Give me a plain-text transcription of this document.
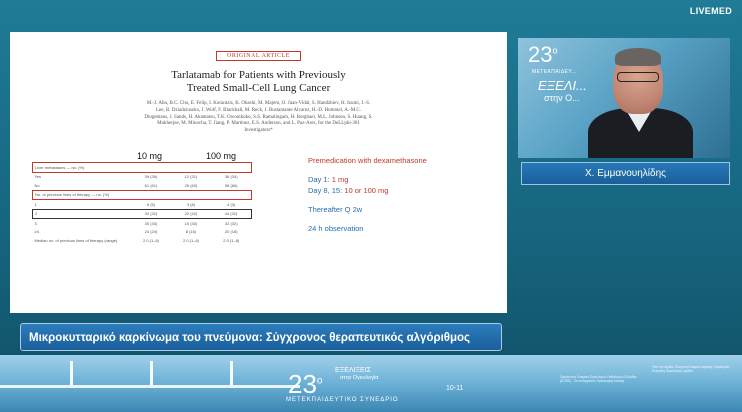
LIVEMED
ORIGINAL ARTICLE
Tarlatamab for Patients with Previously
Treated Small-Cell Lung Cancer
M.-J. Ahn, B.C. Cho, E. Felip, I. Korantzis, K. Ohashi, M. Majem, O. Juan-Vidal, S. Handzhiev, H. Izumi, J.-S. Lee, R. Dziadziuszko, J. Wolf, F. Blackhall, M. Reck, J. Bustamante Alvarez, H.-D. Hummel, A.-M.C. Dingemans, J. Sands, H. Akamatsu, T.K. Owonikoko, S.S. Ramalingam, H. Borghaei, M.L. Johnson, S. Huang, S. Mukherjee, M. Minocha, T. Jiang, P. Martinez, E.S. Anderson, and L. Paz-Ares, for the DeLLphi-301 Investigators*
10 mg	100 mg
Liver metastases — no. (%)			
Yes	39 (39)	12 (31)	36 (34)
No	61 (61)	26 (69)	58 (66)
No. of previous lines of therapy — no. (%)			
1	5 (5)	3 (8)	4 (3)
2	32 (32)	22 (42)	44 (32)
3	30 (30)	16 (30)	32 (32)
≥4	24 (24)	8 (16)	20 (18)
Median no. of previous lines of therapy (range)	2.0 (1–6)	2.0 (1–6)	2.0 (1–8)
Premedication with dexamethasone
Day 1: 1 mg
Day 8, 15: 10 or 100 mg
Thereafter Q 2w
24 h observation
23$^o$
ΜΕΤΕΚΠΑΙΔΕΥ...
ΕΞΕΛΙ...
στην Ο...
Χ. Εμμανουηλίδης
Μικροκυτταρικό καρκίνωμα του πνεύμονα: Σύγχρονος θεραπευτικός αλγόριθμος
$23^o$
ΜΕΤΕΚΠΑΙΔΕΥΤΙΚΟ ΣΥΝΕΔΡΙΟ
ΕΞΕΛΙΞΕΙΣ
στην Ογκολογία
10-11
Οργάνωση: Εταιρεία Ογκολόγων Παθολόγων Ελλάδας (ΕΟΠΕ) · Σε συνεργασία: Ογκολογική Κλινική
Υπό την Αιγίδα: Ελληνική Εταιρεία Ιατρικής Ογκολογίας · Ελληνική Ογκολογική Ομάδα
